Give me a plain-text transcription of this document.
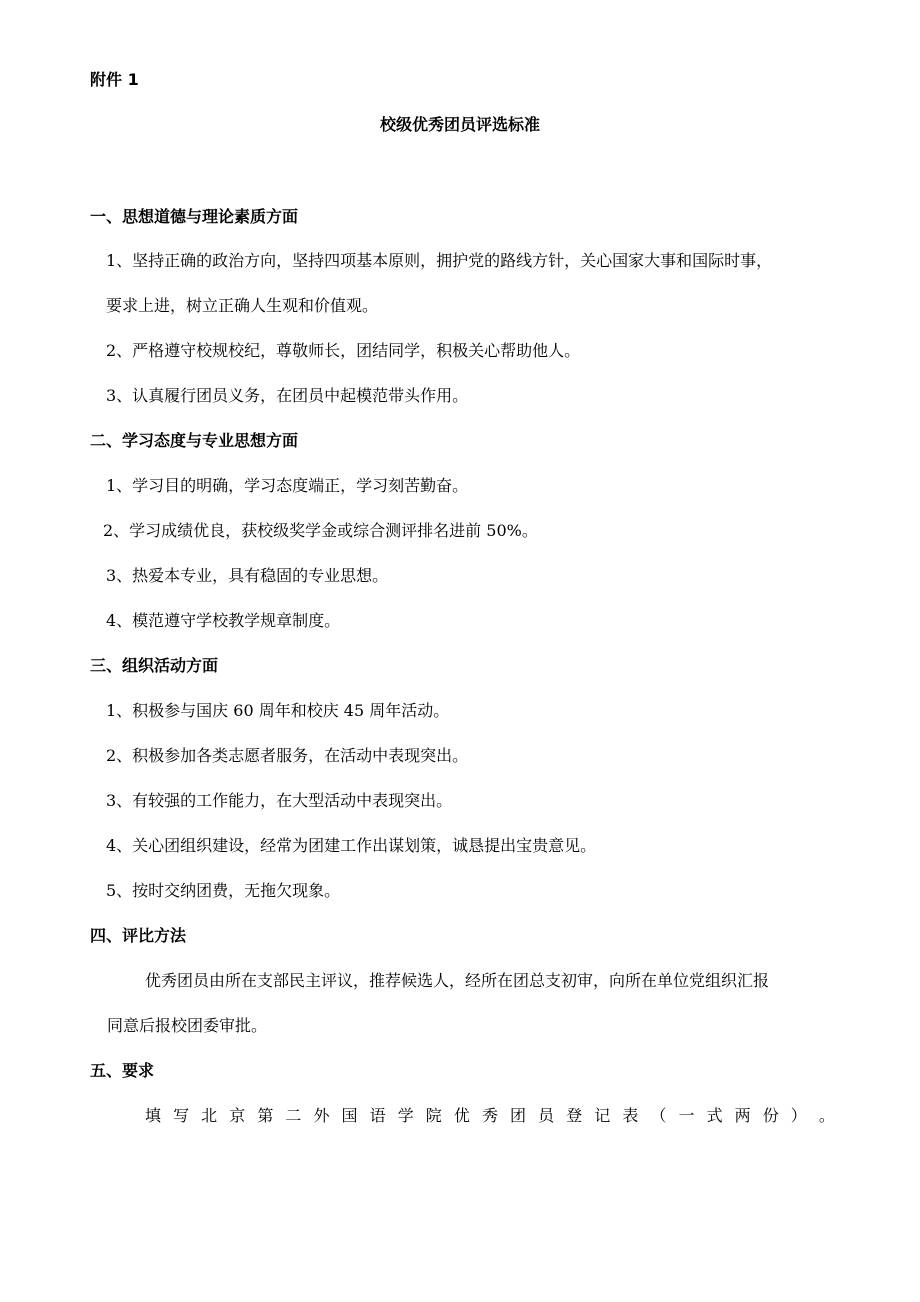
附件 1
校级优秀团员评选标准
一、思想道德与理论素质方面
1、坚持正确的政治方向，坚持四项基本原则，拥护党的路线方针，关心国家大事和国际时事，
要求上进，树立正确人生观和价值观。
2、严格遵守校规校纪，尊敬师长，团结同学，积极关心帮助他人。
3、认真履行团员义务，在团员中起模范带头作用。
二、学习态度与专业思想方面
1、学习目的明确，学习态度端正，学习刻苦勤奋。
2、学习成绩优良，获校级奖学金或综合测评排名进前 50%。
3、热爱本专业，具有稳固的专业思想。
4、模范遵守学校教学规章制度。
三、组织活动方面
1、积极参与国庆 60 周年和校庆 45 周年活动。
2、积极参加各类志愿者服务，在活动中表现突出。
3、有较强的工作能力，在大型活动中表现突出。
4、关心团组织建设，经常为团建工作出谋划策，诚恳提出宝贵意见。
5、按时交纳团费，无拖欠现象。
四、评比方法
优秀团员由所在支部民主评议，推荐候选人，经所在团总支初审，向所在单位党组织汇报
同意后报校团委审批。
五、要求
填 写 北 京 第 二 外 国 语 学 院 优 秀 团 员 登 记 表 （ 一 式 两 份 ） 。
